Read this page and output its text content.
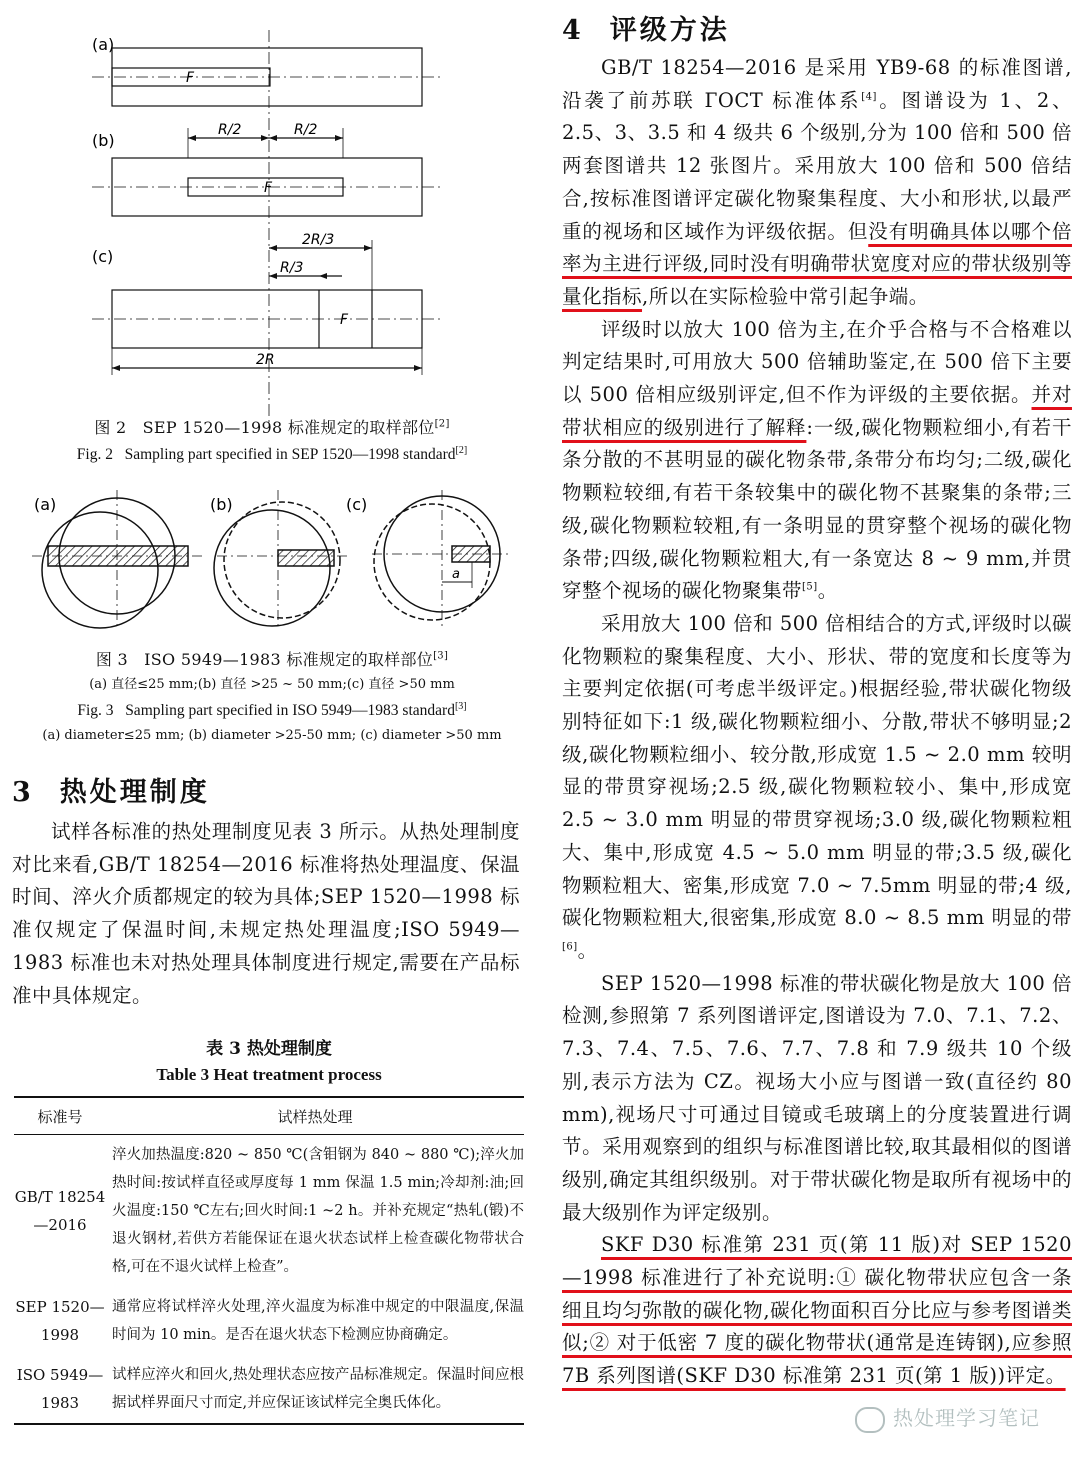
(a)
(b)
(c)
F
F
F
R/2	R/2
2R/3
R/3
2R
图 2 SEP 1520—1998 标准规定的取样部位[2]
Fig. 2 Sampling part specified in SEP 1520—1998 standard[2]
(a)	(b)	(c)
a
图 3 ISO 5949—1983 标准规定的取样部位[3]
(a) 直径≤25 mm;(b) 直径 >25 ~ 50 mm;(c) 直径 >50 mm
Fig. 3 Sampling part specified in ISO 5949—1983 standard[3]
(a) diameter≤25 mm; (b) diameter >25-50 mm; (c) diameter >50 mm
3 热处理制度

试样各标准的热处理制度见表 3 所示。从热处理制度对比来看,GB/T 18254—2016 标准将热处理温度、保温时间、淬火介质都规定的较为具体;SEP 1520—1998 标准仅规定了保温时间,未规定热处理温度;ISO 5949—1983 标准也未对热处理具体制度进行规定,需要在产品标准中具体规定。

表 3 热处理制度
Table 3 Heat treatment process
标准号	试样热处理
GB/T 18254—2016	淬火加热温度:820 ~ 850 ℃(含钼钢为 840 ~ 880 ℃);淬火加热时间:按试样直径或厚度每 1 mm 保温 1.5 min;冷却剂:油;回火温度:150 ℃左右;回火时间:1 ~2 h。并补充规定“热轧(锻)不退火钢材,若供方若能保证在退火状态试样上检查碳化物带状合格,可在不退火试样上检查”。
SEP 1520—1998	通常应将试样淬火处理,淬火温度为标准中规定的中限温度,保温时间为 10 min。是否在退火状态下检测应协商确定。
ISO 5949—1983	试样应淬火和回火,热处理状态应按产品标准规定。保温时间应根据试样界面尺寸而定,并应保证该试样完全奥氏体化。
4 评级方法

GB/T 18254—2016 是采用 YB9-68 的标准图谱,沿袭了前苏联 ГОСТ 标准体系[4]。图谱设为 1、2、2.5、3、3.5 和 4 级共 6 个级别,分为 100 倍和 500 倍两套图谱共 12 张图片。采用放大 100 倍和 500 倍结合,按标准图谱评定碳化物聚集程度、大小和形状,以最严重的视场和区域作为评级依据。但没有明确具体以哪个倍率为主进行评级,同时没有明确带状宽度对应的带状级别等量化指标,所以在实际检验中常引起争端。

评级时以放大 100 倍为主,在介乎合格与不合格难以判定结果时,可用放大 500 倍辅助鉴定,在 500 倍下主要以 500 倍相应级别评定,但不作为评级的主要依据。并对带状相应的级别进行了解释:一级,碳化物颗粒细小,有若干条分散的不甚明显的碳化物条带,条带分布均匀;二级,碳化物颗粒较细,有若干条较集中的碳化物不甚聚集的条带;三级,碳化物颗粒较粗,有一条明显的贯穿整个视场的碳化物条带;四级,碳化物颗粒粗大,有一条宽达 8 ~ 9 mm,并贯穿整个视场的碳化物聚集带[5]。

采用放大 100 倍和 500 倍相结合的方式,评级时以碳化物颗粒的聚集程度、大小、形状、带的宽度和长度等为主要判定依据(可考虑半级评定。)根据经验,带状碳化物级别特征如下:1 级,碳化物颗粒细小、分散,带状不够明显;2 级,碳化物颗粒细小、较分散,形成宽 1.5 ~ 2.0 mm 较明显的带贯穿视场;2.5 级,碳化物颗粒较小、集中,形成宽 2.5 ~ 3.0 mm 明显的带贯穿视场;3.0 级,碳化物颗粒粗大、集中,形成宽 4.5 ~ 5.0 mm 明显的带;3.5 级,碳化物颗粒粗大、密集,形成宽 7.0 ~ 7.5mm 明显的带;4 级,碳化物颗粒粗大,很密集,形成宽 8.0 ~ 8.5 mm 明显的带[6]。

SEP 1520—1998 标准的带状碳化物是放大 100 倍检测,参照第 7 系列图谱评定,图谱设为 7.0、7.1、7.2、7.3、7.4、7.5、7.6、7.7、7.8 和 7.9 级共 10 个级别,表示方法为 CZ。视场大小应与图谱一致(直径约 80 mm),视场尺寸可通过目镜或毛玻璃上的分度装置进行调节。采用观察到的组织与标准图谱比较,取其最相似的图谱级别,确定其组织级别。对于带状碳化物是取所有视场中的最大级别作为评定级别。

SKF D30 标准第 231 页(第 11 版)对 SEP 1520—1998 标准进行了补充说明:① 碳化物带状应包含一条细且均匀弥散的碳化物,碳化物面积百分比应与参考图谱类似;② 对于低密 7 度的碳化物带状(通常是连铸钢),应参照 7B 系列图谱(SKF D30 标准第 231 页(第 1 版))评定。

热处理学习笔记
